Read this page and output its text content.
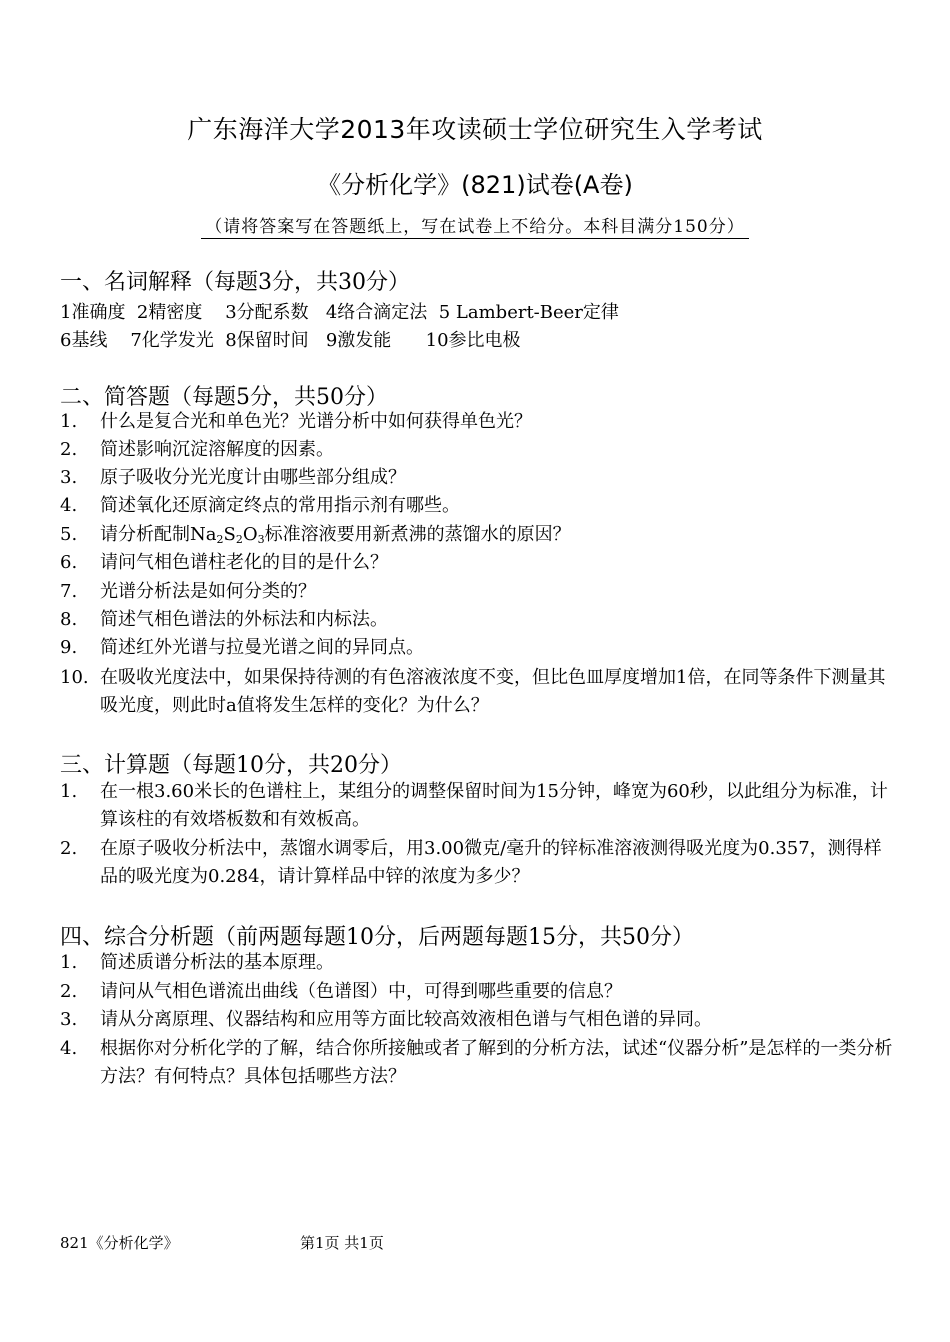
广东海洋大学2013年攻读硕士学位研究生入学考试
《分析化学》(821)试卷(A卷)
（请将答案写在答题纸上，写在试卷上不给分。本科目满分150分）
一、名词解释（每题3分，共30分）
1准确度  2精密度    3分配系数   4络合滴定法  5 Lambert-Beer定律
6基线    7化学发光  8保留时间   9激发能      10参比电极
二、简答题（每题5分，共50分）
1. 什么是复合光和单色光？光谱分析中如何获得单色光？
2. 简述影响沉淀溶解度的因素。
3. 原子吸收分光光度计由哪些部分组成？
4. 简述氧化还原滴定终点的常用指示剂有哪些。
5. 请分析配制$Na_2S_2O_3$标准溶液要用新煮沸的蒸馏水的原因？
6. 请问气相色谱柱老化的目的是什么？
7. 光谱分析法是如何分类的？
8. 简述气相色谱法的外标法和内标法。
9. 简述红外光谱与拉曼光谱之间的异同点。
10. 在吸收光度法中，如果保持待测的有色溶液浓度不变，但比色皿厚度增加1倍，在同等条件下测量其吸光度，则此时a值将发生怎样的变化？为什么？
三、计算题（每题10分，共20分）
1. 在一根3.60米长的色谱柱上，某组分的调整保留时间为15分钟，峰宽为60秒，以此组分为标准，计算该柱的有效塔板数和有效板高。
2. 在原子吸收分析法中，蒸馏水调零后，用3.00微克/毫升的锌标准溶液测得吸光度为0.357，测得样品的吸光度为0.284，请计算样品中锌的浓度为多少？
四、综合分析题（前两题每题10分，后两题每题15分，共50分）
1. 简述质谱分析法的基本原理。
2. 请问从气相色谱流出曲线（色谱图）中，可得到哪些重要的信息？
3. 请从分离原理、仪器结构和应用等方面比较高效液相色谱与气相色谱的异同。
4. 根据你对分析化学的了解，结合你所接触或者了解到的分析方法，试述“仪器分析”是怎样的一类分析方法？有何特点？具体包括哪些方法？
821《分析化学》	第1页 共1页
